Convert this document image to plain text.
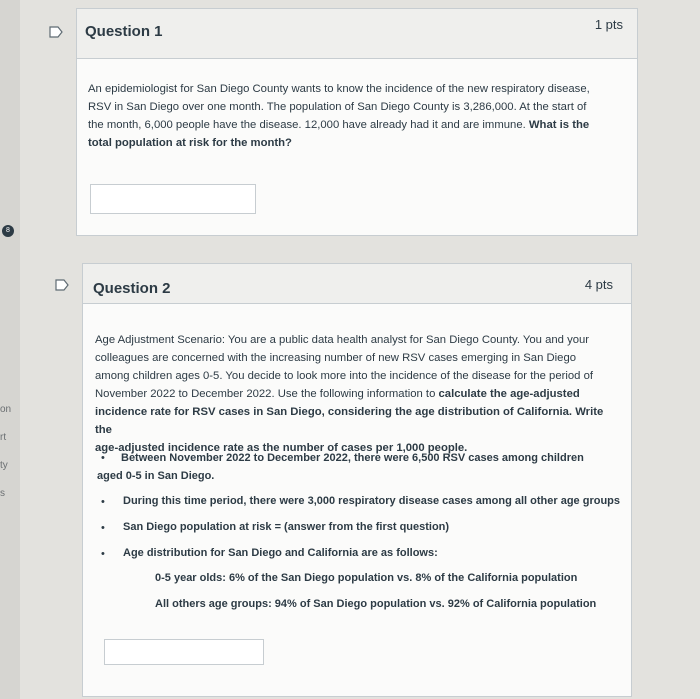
8
on
rt
ty
s
Question 1	1 pts
An epidemiologist for San Diego County wants to know the incidence of the new respiratory disease,
RSV in San Diego over one month. The population of San Diego County is 3,286,000. At the start of
the month, 6,000 people have the disease. 12,000 have already had it and are immune. What is the
total population at risk for the month?
Question 2	4 pts
Age Adjustment Scenario: You are a public data health analyst for San Diego County. You and your
colleagues are concerned with the increasing number of new RSV cases emerging in San Diego
among children ages 0-5. You decide to look more into the incidence of the disease for the period of
November 2022 to December 2022. Use the following information to calculate the age-adjusted
incidence rate for RSV cases in San Diego, considering the age distribution of California. Write the
age-adjusted incidence rate as the number of cases per 1,000 people.
• Between November 2022 to December 2022, there were 6,500 RSV cases among children
aged 0-5 in San Diego.
• During this time period, there were 3,000 respiratory disease cases among all other age groups
• San Diego population at risk = (answer from the first question)
• Age distribution for San Diego and California are as follows:
0-5 year olds: 6% of the San Diego population vs. 8% of the California population
All others age groups: 94% of San Diego population vs. 92% of California population
